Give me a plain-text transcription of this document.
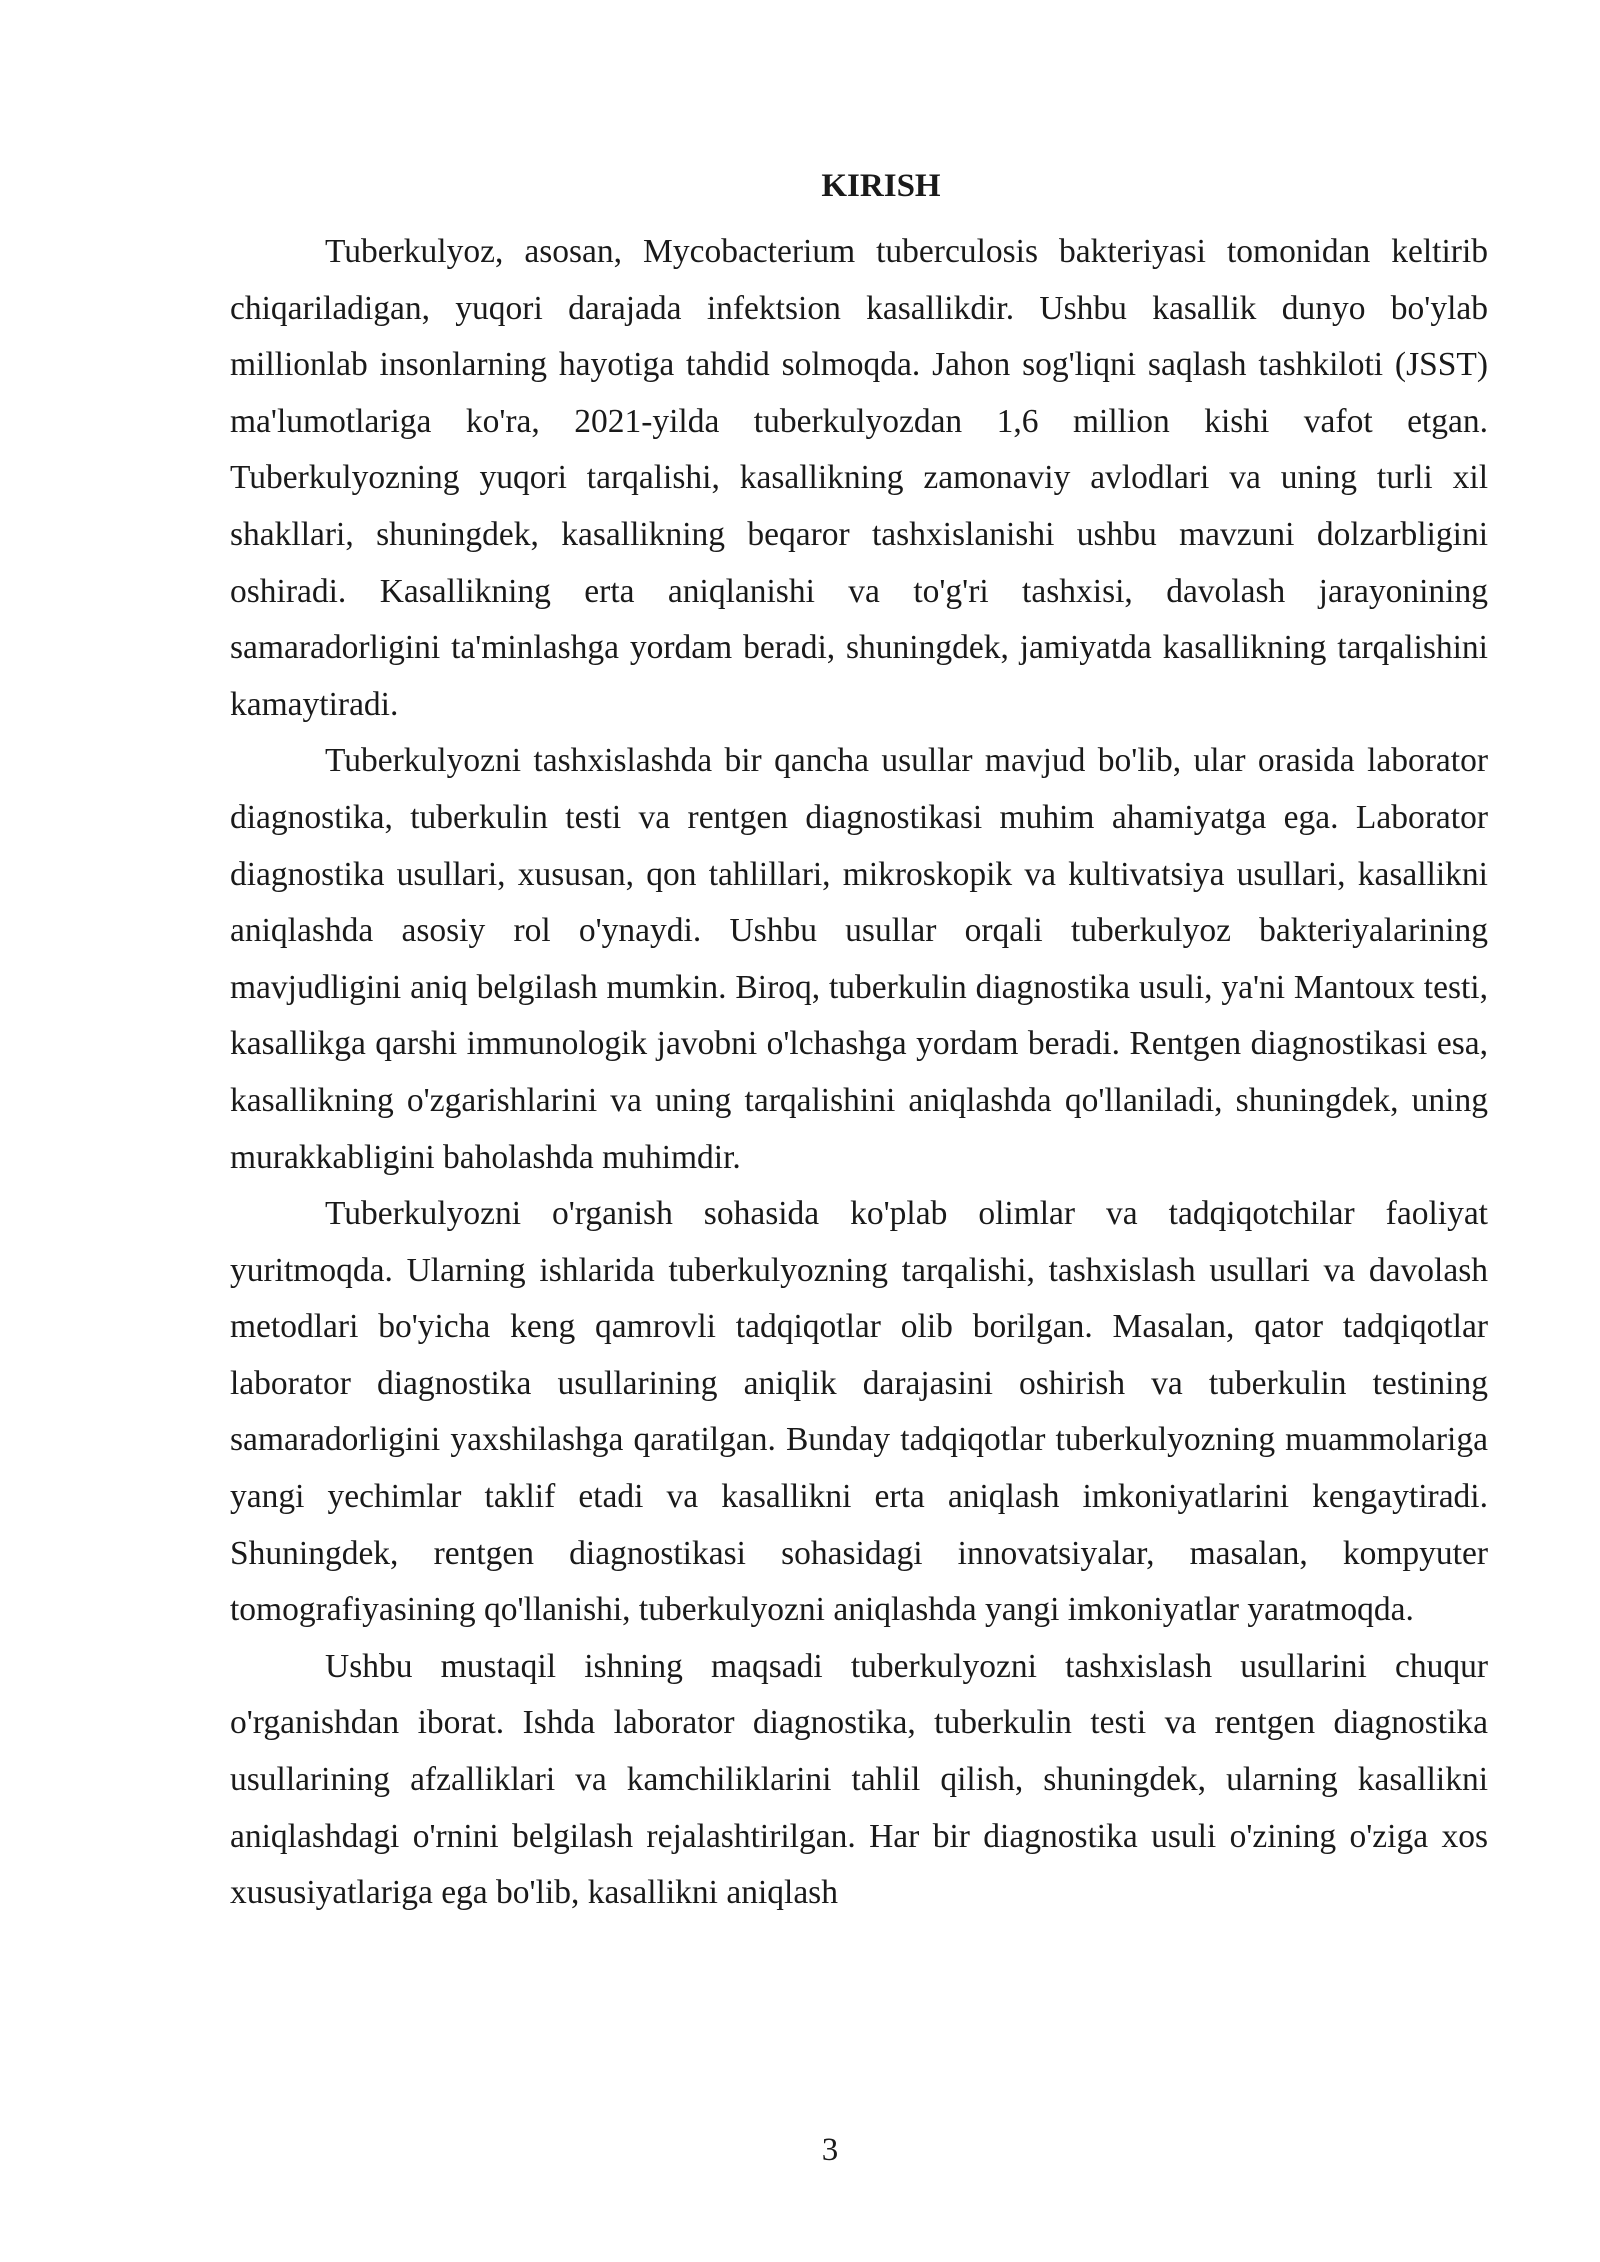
KIRISH

Tuberkulyoz, asosan, Mycobacterium tuberculosis bakteriyasi tomonidan keltirib chiqariladigan, yuqori darajada infektsion kasallikdir. Ushbu kasallik dunyo bo'ylab millionlab insonlarning hayotiga tahdid solmoqda. Jahon sog'liqni saqlash tashkiloti (JSST) ma'lumotlariga ko'ra, 2021-yilda tuberkulyozdan 1,6 million kishi vafot etgan. Tuberkulyozning yuqori tarqalishi, kasallikning zamonaviy avlodlari va uning turli xil shakllari, shuningdek, kasallikning beqaror tashxislanishi ushbu mavzuni dolzarbligini oshiradi. Kasallikning erta aniqlanishi va to'g'ri tashxisi, davolash jarayonining samaradorligini ta'minlashga yordam beradi, shuningdek, jamiyatda kasallikning tarqalishini kamaytiradi.

Tuberkulyozni tashxislashda bir qancha usullar mavjud bo'lib, ular orasida laborator diagnostika, tuberkulin testi va rentgen diagnostikasi muhim ahamiyatga ega. Laborator diagnostika usullari, xususan, qon tahlillari, mikroskopik va kultivatsiya usullari, kasallikni aniqlashda asosiy rol o'ynaydi. Ushbu usullar orqali tuberkulyoz bakteriyalarining mavjudligini aniq belgilash mumkin. Biroq, tuberkulin diagnostika usuli, ya'ni Mantoux testi, kasallikga qarshi immunologik javobni o'lchashga yordam beradi. Rentgen diagnostikasi esa, kasallikning o'zgarishlarini va uning tarqalishini aniqlashda qo'llaniladi, shuningdek, uning murakkabligini baholashda muhimdir.

Tuberkulyozni o'rganish sohasida ko'plab olimlar va tadqiqotchilar faoliyat yuritmoqda. Ularning ishlarida tuberkulyozning tarqalishi, tashxislash usullari va davolash metodlari bo'yicha keng qamrovli tadqiqotlar olib borilgan. Masalan, qator tadqiqotlar laborator diagnostika usullarining aniqlik darajasini oshirish va tuberkulin testining samaradorligini yaxshilashga qaratilgan. Bunday tadqiqotlar tuberkulyozning muammolariga yangi yechimlar taklif etadi va kasallikni erta aniqlash imkoniyatlarini kengaytiradi. Shuningdek, rentgen diagnostikasi sohasidagi innovatsiyalar, masalan, kompyuter tomografiyasining qo'llanishi, tuberkulyozni aniqlashda yangi imkoniyatlar yaratmoqda.

Ushbu mustaqil ishning maqsadi tuberkulyozni tashxislash usullarini chuqur o'rganishdan iborat. Ishda laborator diagnostika, tuberkulin testi va rentgen diagnostika usullarining afzalliklari va kamchiliklarini tahlil qilish, shuningdek, ularning kasallikni aniqlashdagi o'rnini belgilash rejalashtirilgan. Har bir diagnostika usuli o'zining o'ziga xos xususiyatlariga ega bo'lib, kasallikni aniqlash

3
